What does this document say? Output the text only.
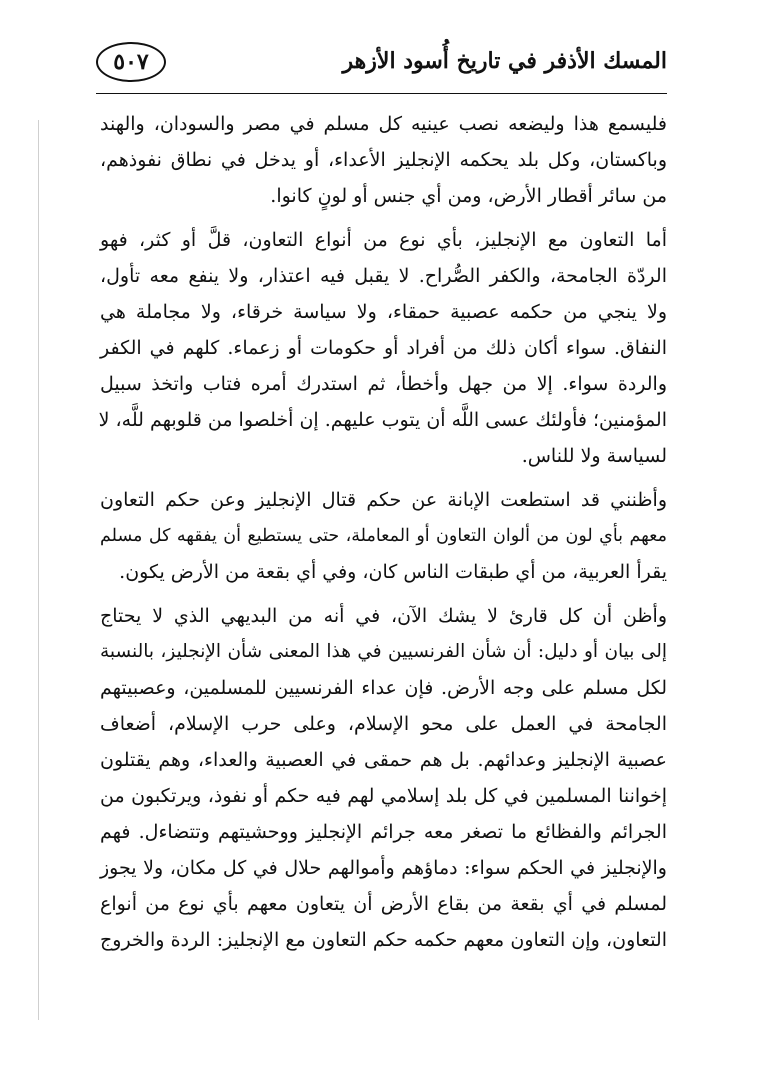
المسك الأذفر في تاريخ أُسود الأزهر
٥٠٧
فليسمع هذا وليضعه نصب عينيه كل مسلم في مصر والسودان، والهند
وباكستان، وكل بلد يحكمه الإنجليز الأعداء، أو يدخل في نطاق نفوذهم،
من سائر أقطار الأرض، ومن أي جنس أو لونٍ كانوا.
أما التعاون مع الإنجليز، بأي نوع من أنواع التعاون، قلَّ أو كثر، فهو
الردّة الجامحة، والكفر الصُّراح. لا يقبل فيه اعتذار، ولا ينفع معه تأول،
ولا ينجي من حكمه عصبية حمقاء، ولا سياسة خرقاء، ولا مجاملة هي
النفاق. سواء أكان ذلك من أفراد أو حكومات أو زعماء. كلهم في الكفر
والردة سواء. إلا من جهل وأخطأ، ثم استدرك أمره فتاب واتخذ سبيل
المؤمنين؛ فأولئك عسى اللَّه أن يتوب عليهم. إن أخلصوا من قلوبهم للَّه، لا
لسياسة ولا للناس.
وأظنني قد استطعت الإبانة عن حكم قتال الإنجليز وعن حكم التعاون
معهم بأي لون من ألوان التعاون أو المعاملة، حتى يستطيع أن يفقهه كل مسلم
يقرأ العربية، من أي طبقات الناس كان، وفي أي بقعة من الأرض يكون.
وأظن أن كل قارئ لا يشك الآن، في أنه من البديهي الذي لا يحتاج
إلى بيان أو دليل: أن شأن الفرنسيين في هذا المعنى شأن الإنجليز، بالنسبة
لكل مسلم على وجه الأرض. فإن عداء الفرنسيين للمسلمين، وعصبيتهم
الجامحة في العمل على محو الإسلام، وعلى حرب الإسلام، أضعاف
عصبية الإنجليز وعدائهم. بل هم حمقى في العصبية والعداء، وهم يقتلون
إخواننا المسلمين في كل بلد إسلامي لهم فيه حكم أو نفوذ، ويرتكبون من
الجرائم والفظائع ما تصغر معه جرائم الإنجليز ووحشيتهم وتتضاءل. فهم
والإنجليز في الحكم سواء: دماؤهم وأموالهم حلال في كل مكان، ولا يجوز
لمسلم في أي بقعة من بقاع الأرض أن يتعاون معهم بأي نوع من أنواع
التعاون، وإن التعاون معهم حكمه حكم التعاون مع الإنجليز: الردة والخروج
